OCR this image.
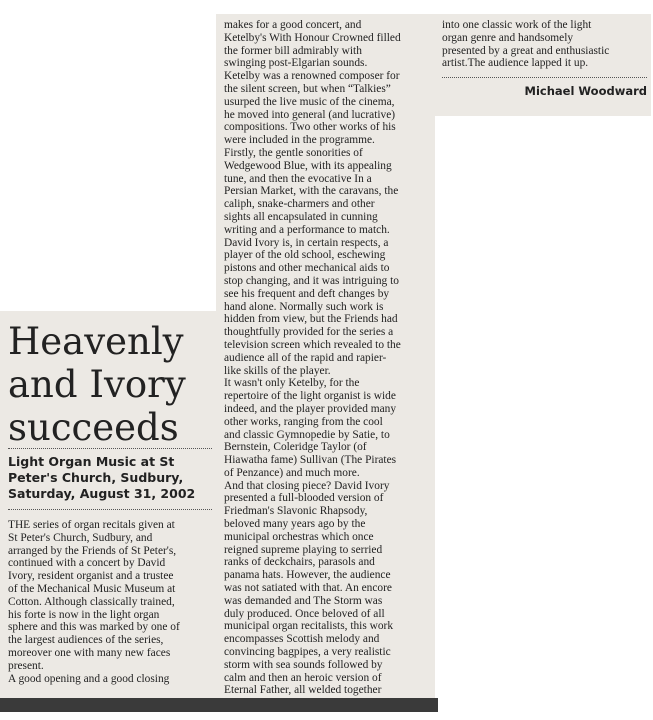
Heavenly
and Ivory
succeeds
Light Organ Music at St
Peter's Church, Sudbury,
Saturday, August 31, 2002
THE series of organ recitals given at
St Peter's Church, Sudbury, and
arranged by the Friends of St Peter's,
continued with a concert by David
Ivory, resident organist and a trustee
of the Mechanical Music Museum at
Cotton. Although classically trained,
his forte is now in the light organ
sphere and this was marked by one of
the largest audiences of the series,
moreover one with many new faces
present.
A good opening and a good closing
makes for a good concert, and
Ketelby's With Honour Crowned filled
the former bill admirably with
swinging post-Elgarian sounds.
Ketelby was a renowned composer for
the silent screen, but when “Talkies”
usurped the live music of the cinema,
he moved into general (and lucrative)
compositions. Two other works of his
were included in the programme.
Firstly, the gentle sonorities of
Wedgewood Blue, with its appealing
tune, and then the evocative In a
Persian Market, with the caravans, the
caliph, snake-charmers and other
sights all encapsulated in cunning
writing and a performance to match.
David Ivory is, in certain respects, a
player of the old school, eschewing
pistons and other mechanical aids to
stop changing, and it was intriguing to
see his frequent and deft changes by
hand alone. Normally such work is
hidden from view, but the Friends had
thoughtfully provided for the series a
television screen which revealed to the
audience all of the rapid and rapier-
like skills of the player.
It wasn't only Ketelby, for the
repertoire of the light organist is wide
indeed, and the player provided many
other works, ranging from the cool
and classic Gymnopedie by Satie, to
Bernstein, Coleridge Taylor (of
Hiawatha fame) Sullivan (The Pirates
of Penzance) and much more.
And that closing piece? David Ivory
presented a full-blooded version of
Friedman's Slavonic Rhapsody,
beloved many years ago by the
municipal orchestras which once
reigned supreme playing to serried
ranks of deckchairs, parasols and
panama hats. However, the audience
was not satiated with that. An encore
was demanded and The Storm was
duly produced. Once beloved of all
municipal organ recitalists, this work
encompasses Scottish melody and
convincing bagpipes, a very realistic
storm with sea sounds followed by
calm and then an heroic version of
Eternal Father, all welded together
into one classic work of the light
organ genre and handsomely
presented by a great and enthusiastic
artist.The audience lapped it up.
Michael Woodward
